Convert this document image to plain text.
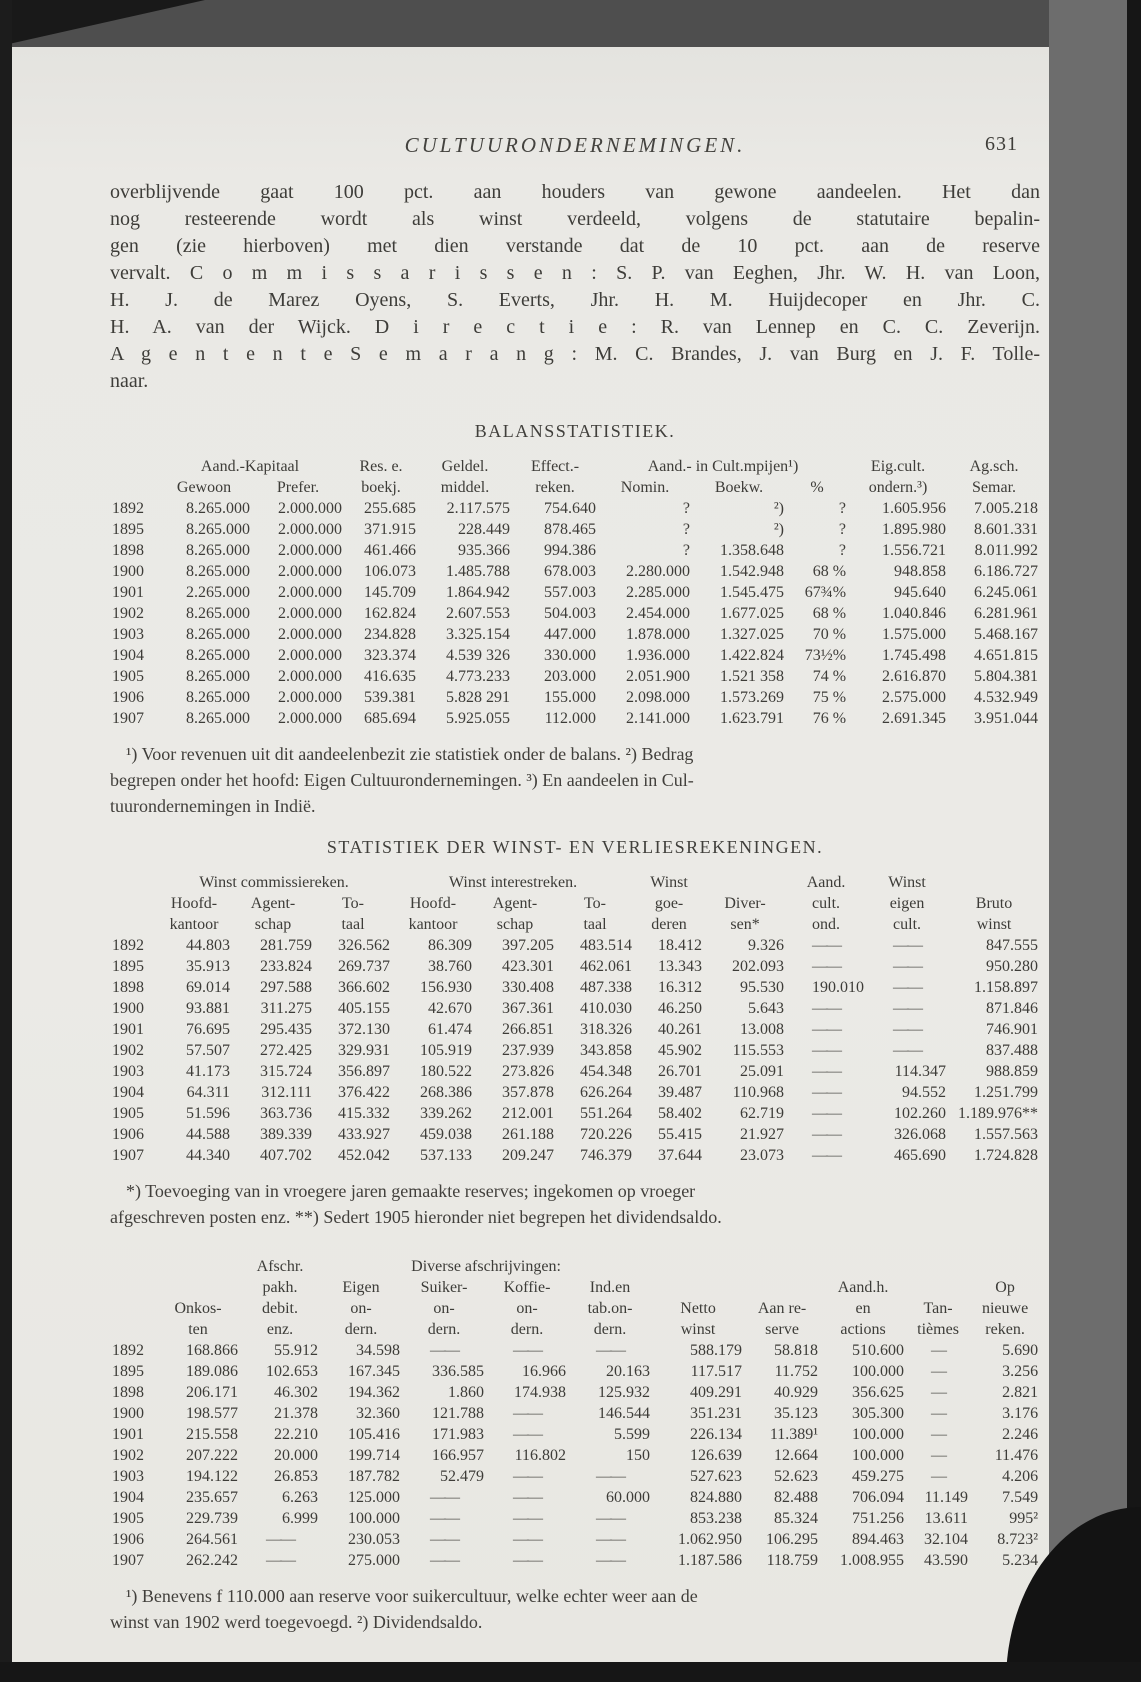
CULTUURONDERNEMINGEN.	631
overblijvende gaat 100 pct. aan houders van gewone aandeelen. Het dan
nog resteerende wordt als winst verdeeld, volgens de statutaire bepalin-
gen (zie hierboven) met dien verstande dat de 10 pct. aan de reserve
vervalt. C o m m i s s a r i s s e n : S. P. van Eeghen, Jhr. W. H. van Loon,
H. J. de Marez Oyens, S. Everts, Jhr. H. M. Huijdecoper en Jhr. C.
H. A. van der Wijck. D i r e c t i e : R. van Lennep en C. C. Zeverijn.
A g e n t e n t e S e m a r a n g : M. C. Brandes, J. van Burg en J. F. Tolle-
naar.
BALANSSTATISTIEK.
	Aand.-Kapitaal		Res. e.	Geldel.	Effect.-	Aand.- in Cult.mpijen¹)			Eig.cult.	Ag.sch.
	Gewoon	Prefer.	boekj.	middel.	reken.	Nomin.	Boekw.	%	ondern.³)	Semar.
1892	8.265.000	2.000.000	255.685	2.117.575	754.640	?	²)	?	1.605.956	7.005.218
1895	8.265.000	2.000.000	371.915	228.449	878.465	?	²)	?	1.895.980	8.601.331
1898	8.265.000	2.000.000	461.466	935.366	994.386	?	1.358.648	?	1.556.721	8.011.992
1900	8.265.000	2.000.000	106.073	1.485.788	678.003	2.280.000	1.542.948	68 %	948.858	6.186.727
1901	2.265.000	2.000.000	145.709	1.864.942	557.003	2.285.000	1.545.475	67¾%	945.640	6.245.061
1902	8.265.000	2.000.000	162.824	2.607.553	504.003	2.454.000	1.677.025	68 %	1.040.846	6.281.961
1903	8.265.000	2.000.000	234.828	3.325.154	447.000	1.878.000	1.327.025	70 %	1.575.000	5.468.167
1904	8.265.000	2.000.000	323.374	4.539 326	330.000	1.936.000	1.422.824	73½%	1.745.498	4.651.815
1905	8.265.000	2.000.000	416.635	4.773.233	203.000	2.051.900	1.521 358	74 %	2.616.870	5.804.381
1906	8.265.000	2.000.000	539.381	5.828 291	155.000	2.098.000	1.573.269	75 %	2.575.000	4.532.949
1907	8.265.000	2.000.000	685.694	5.925.055	112.000	2.141.000	1.623.791	76 %	2.691.345	3.951.044
¹) Voor revenuen uit dit aandeelenbezit zie statistiek onder de balans. ²) Bedrag
begrepen onder het hoofd: Eigen Cultuurondernemingen. ³) En aandeelen in Cul-
tuurondernemingen in Indië.
STATISTIEK DER WINST- EN VERLIESREKENINGEN.
	Winst commissiereken.			Winst interestreken.			Winst		Aand.	Winst	
	Hoofd-	Agent-	To-	Hoofd-	Agent-	To-	goe-	Diver-	cult.	eigen	Bruto
	kantoor	schap	taal	kantoor	schap	taal	deren	sen*	ond.	cult.	winst
1892	44.803	281.759	326.562	86.309	397.205	483.514	18.412	9.326	——	——	847.555
1895	35.913	233.824	269.737	38.760	423.301	462.061	13.343	202.093	——	——	950.280
1898	69.014	297.588	366.602	156.930	330.408	487.338	16.312	95.530	190.010	——	1.158.897
1900	93.881	311.275	405.155	42.670	367.361	410.030	46.250	5.643	——	——	871.846
1901	76.695	295.435	372.130	61.474	266.851	318.326	40.261	13.008	——	——	746.901
1902	57.507	272.425	329.931	105.919	237.939	343.858	45.902	115.553	——	——	837.488
1903	41.173	315.724	356.897	180.522	273.826	454.348	26.701	25.091	——	114.347	988.859
1904	64.311	312.111	376.422	268.386	357.878	626.264	39.487	110.968	——	94.552	1.251.799
1905	51.596	363.736	415.332	339.262	212.001	551.264	58.402	62.719	——	102.260	1.189.976**
1906	44.588	389.339	433.927	459.038	261.188	720.226	55.415	21.927	——	326.068	1.557.563
1907	44.340	407.702	452.042	537.133	209.247	746.379	37.644	23.073	——	465.690	1.724.828
*) Toevoeging van in vroegere jaren gemaakte reserves; ingekomen op vroeger
afgeschreven posten enz. **) Sedert 1905 hieronder niet begrepen het dividendsaldo.
		Afschr.	Diverse afschrijvingen:								
		pakh.	Eigen	Suiker-	Koffie-	Ind.en			Aand.h.		Op
	Onkos-	debit.	on-	on-	on-	tab.on-	Netto	Aan re-	en	Tan-	nieuwe
	ten	enz.	dern.	dern.	dern.	dern.	winst	serve	actions	tièmes	reken.
1892	168.866	55.912	34.598	——	——	——	588.179	58.818	510.600	—	5.690
1895	189.086	102.653	167.345	336.585	16.966	20.163	117.517	11.752	100.000	—	3.256
1898	206.171	46.302	194.362	1.860	174.938	125.932	409.291	40.929	356.625	—	2.821
1900	198.577	21.378	32.360	121.788	——	146.544	351.231	35.123	305.300	—	3.176
1901	215.558	22.210	105.416	171.983	——	5.599	226.134	11.389¹	100.000	—	2.246
1902	207.222	20.000	199.714	166.957	116.802	150	126.639	12.664	100.000	—	11.476
1903	194.122	26.853	187.782	52.479	——	——	527.623	52.623	459.275	—	4.206
1904	235.657	6.263	125.000	——	——	60.000	824.880	82.488	706.094	11.149	7.549
1905	229.739	6.999	100.000	——	——	——	853.238	85.324	751.256	13.611	995²
1906	264.561	——	230.053	——	——	——	1.062.950	106.295	894.463	32.104	8.723²
1907	262.242	——	275.000	——	——	——	1.187.586	118.759	1.008.955	43.590	5.234
¹) Benevens f 110.000 aan reserve voor suikercultuur, welke echter weer aan de
winst van 1902 werd toegevoegd. ²) Dividendsaldo.
